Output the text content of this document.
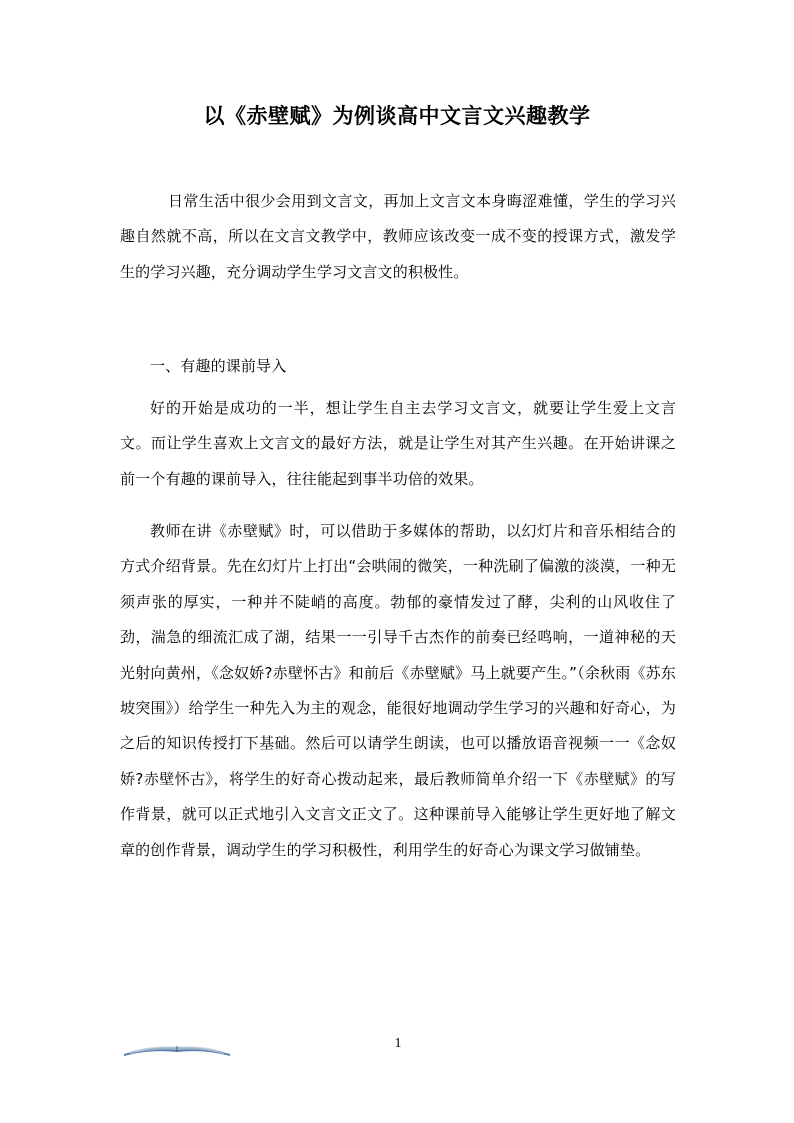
以《赤壁赋》为例谈高中文言文兴趣教学
日常生活中很少会用到文言文，再加上文言文本身晦涩难懂，学生的学习兴趣自然就不高，所以在文言文教学中，教师应该改变一成不变的授课方式，激发学生的学习兴趣，充分调动学生学习文言文的积极性。
一、有趣的课前导入
好的开始是成功的一半，想让学生自主去学习文言文，就要让学生爱上文言文。而让学生喜欢上文言文的最好方法，就是让学生对其产生兴趣。在开始讲课之前一个有趣的课前导入，往往能起到事半功倍的效果。
教师在讲《赤壁赋》时，可以借助于多媒体的帮助，以幻灯片和音乐相结合的方式介绍背景。先在幻灯片上打出“会哄闹的微笑，一种洗刷了偏激的淡漠，一种无须声张的厚实，一种并不陡峭的高度。勃郁的豪情发过了酵，尖利的山风收住了劲，湍急的细流汇成了湖，结果一一引导千古杰作的前奏已经鸣响，一道神秘的天光射向黄州，《念奴娇?赤壁怀古》和前后《赤壁赋》马上就要产生。”（余秋雨《苏东坡突围》）给学生一种先入为主的观念，能很好地调动学生学习的兴趣和好奇心，为之后的知识传授打下基础。然后可以请学生朗读，也可以播放语音视频一一《念奴娇?赤壁怀古》，将学生的好奇心拨动起来，最后教师简单介绍一下《赤壁赋》的写作背景，就可以正式地引入文言文正文了。这种课前导入能够让学生更好地了解文章的创作背景，调动学生的学习积极性，利用学生的好奇心为课文学习做铺垫。
1
